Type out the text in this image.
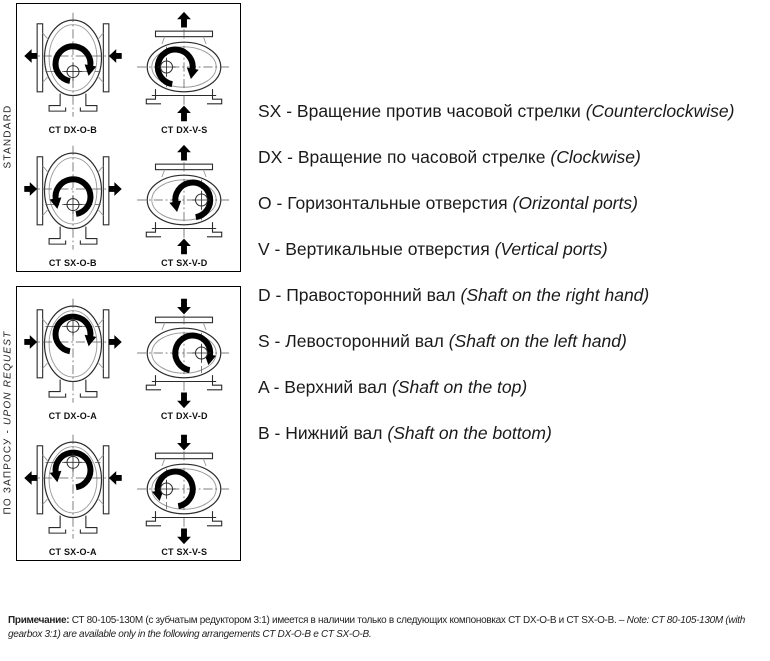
STANDARD	CT DX-O-B	CT DX-V-S
CT SX-O-B	CT SX-V-D
ПО ЗАПРОСУ - UPON REQUEST	CT DX-O-A	CT DX-V-D
CT SX-O-A	CT SX-V-S
SX - Вращение против часовой стрелки (Counterclockwise)
DX - Вращение по часовой стрелке (Clockwise)
O - Горизонтальные отверстия (Orizontal ports)
V - Вертикальные отверстия (Vertical ports)
D - Правосторонний вал (Shaft on the right hand)
S - Левосторонний вал (Shaft on the left hand)
A - Верхний вал (Shaft on the top)
B - Нижний вал (Shaft on the bottom)

Примечание: СТ 80-105-130М (с зубчатым редуктором 3:1) имеется в наличии только в следующих компоновках СТ DX-O-B и СТ SX-O-B. – Note: CT 80-105-130M (with gearbox 3:1) are available only in the following arrangements CT DX-O-B e CT SX-O-B.
